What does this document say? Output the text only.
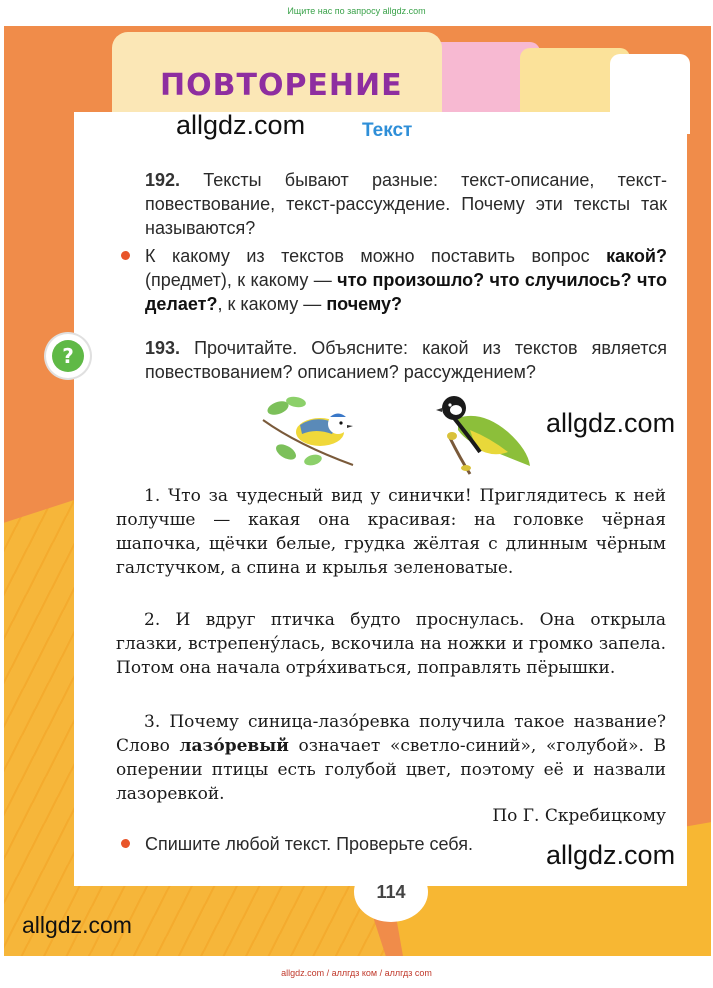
Ищите нас по запросу allgdz.com
ПОВТОРЕНИЕ
Текст
allgdz.com
allgdz.com
allgdz.com
allgdz.com
192. Тексты бывают разные: текст-описание, текст-повествование, текст-рассуждение. Почему эти тексты так называются?
К какому из текстов можно поставить вопрос какой? (предмет), к какому — что произошло? что случилось? что делает?, к какому — почему?
?	193. Прочитайте. Объясните: какой из текстов является повествованием? описанием? рассуждением?
1. Что за чудесный вид у синички! Приглядитесь к ней получше — какая она красивая: на головке чёрная шапочка, щёчки белые, грудка жёлтая с длинным чёрным галстучком, а спина и крылья зеленоватые.
2. И вдруг птичка будто проснулась. Она открыла глазки, встрепену́лась, вскочила на ножки и громко запела. Потом она начала отря́хиваться, поправлять пёрышки.
3. Почему синица-лазо́ревка получила такое название? Слово лазо́ревый означает «светло-синий», «голубой». В оперении птицы есть голубой цвет, поэтому её и назвали лазоревкой.
По Г. Скребицкому
Спишите любой текст. Проверьте себя.
114
allgdz.com / аллгдз ком / аллгдз com
